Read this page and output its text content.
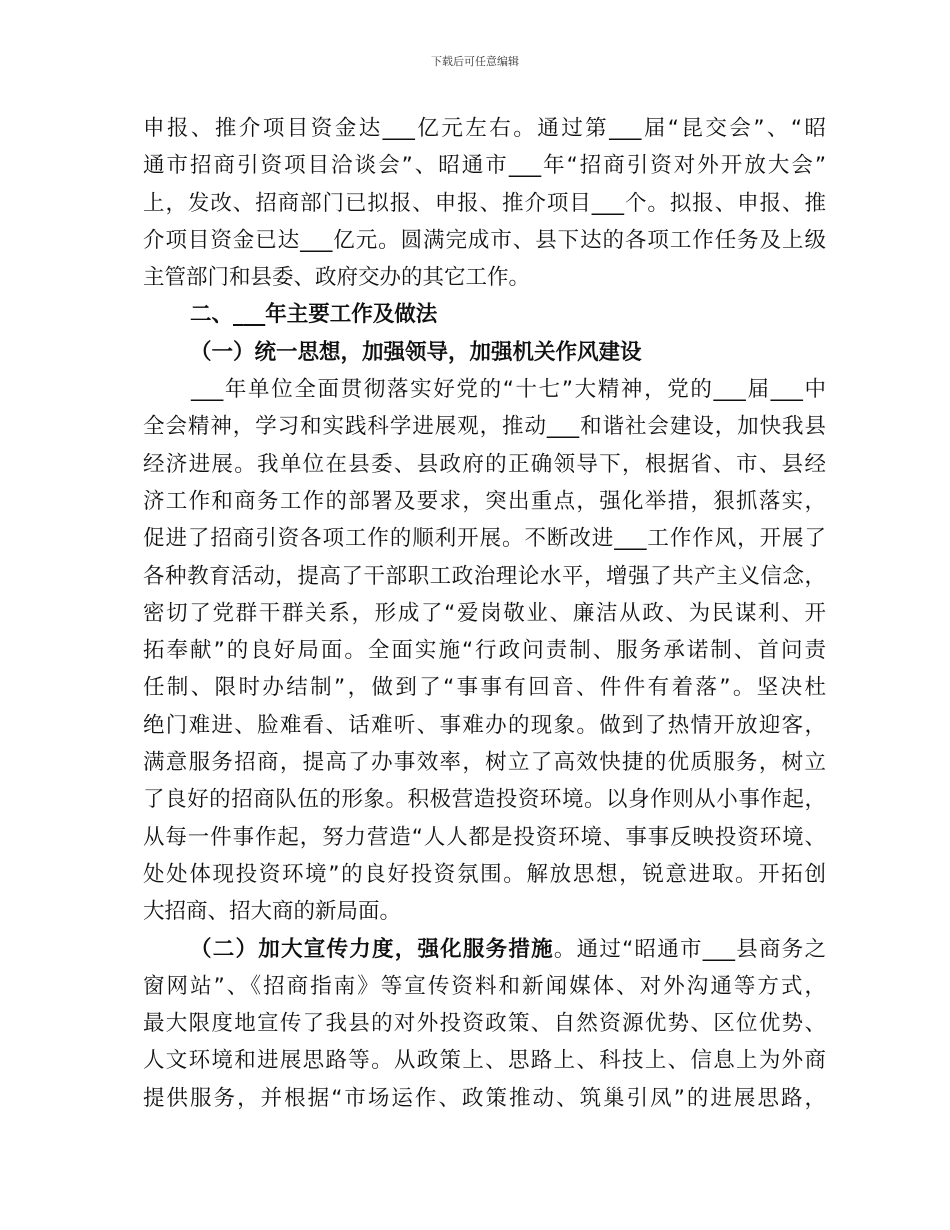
下载后可任意编辑
申报、推介项目资金达___亿元左右。通过第___届“昆交会”、“昭
通市招商引资项目洽谈会”、昭通市___年“招商引资对外开放大会”
上，发改、招商部门已拟报、申报、推介项目___个。拟报、申报、推
介项目资金已达___亿元。圆满完成市、县下达的各项工作任务及上级
主管部门和县委、政府交办的其它工作。
二、___年主要工作及做法
（一）统一思想，加强领导，加强机关作风建设
___年单位全面贯彻落实好党的“十七”大精神，党的___届___中
全会精神，学习和实践科学进展观，推动___和谐社会建设，加快我县
经济进展。我单位在县委、县政府的正确领导下，根据省、市、县经
济工作和商务工作的部署及要求，突出重点，强化举措，狠抓落实，
促进了招商引资各项工作的顺利开展。不断改进___工作作风，开展了
各种教育活动，提高了干部职工政治理论水平，增强了共产主义信念，
密切了党群干群关系，形成了“爱岗敬业、廉洁从政、为民谋利、开
拓奉献”的良好局面。全面实施“行政问责制、服务承诺制、首问责
任制、限时办结制”，做到了“事事有回音、件件有着落”。坚决杜
绝门难进、脸难看、话难听、事难办的现象。做到了热情开放迎客，
满意服务招商，提高了办事效率，树立了高效快捷的优质服务，树立
了良好的招商队伍的形象。积极营造投资环境。以身作则从小事作起，
从每一件事作起，努力营造“人人都是投资环境、事事反映投资环境、
处处体现投资环境”的良好投资氛围。解放思想，锐意进取。开拓创
大招商、招大商的新局面。
（二）加大宣传力度，强化服务措施。通过“昭通市___县商务之
窗网站”、《招商指南》等宣传资料和新闻媒体、对外沟通等方式，
最大限度地宣传了我县的对外投资政策、自然资源优势、区位优势、
人文环境和进展思路等。从政策上、思路上、科技上、信息上为外商
提供服务，并根据“市场运作、政策推动、筑巢引凤”的进展思路，
